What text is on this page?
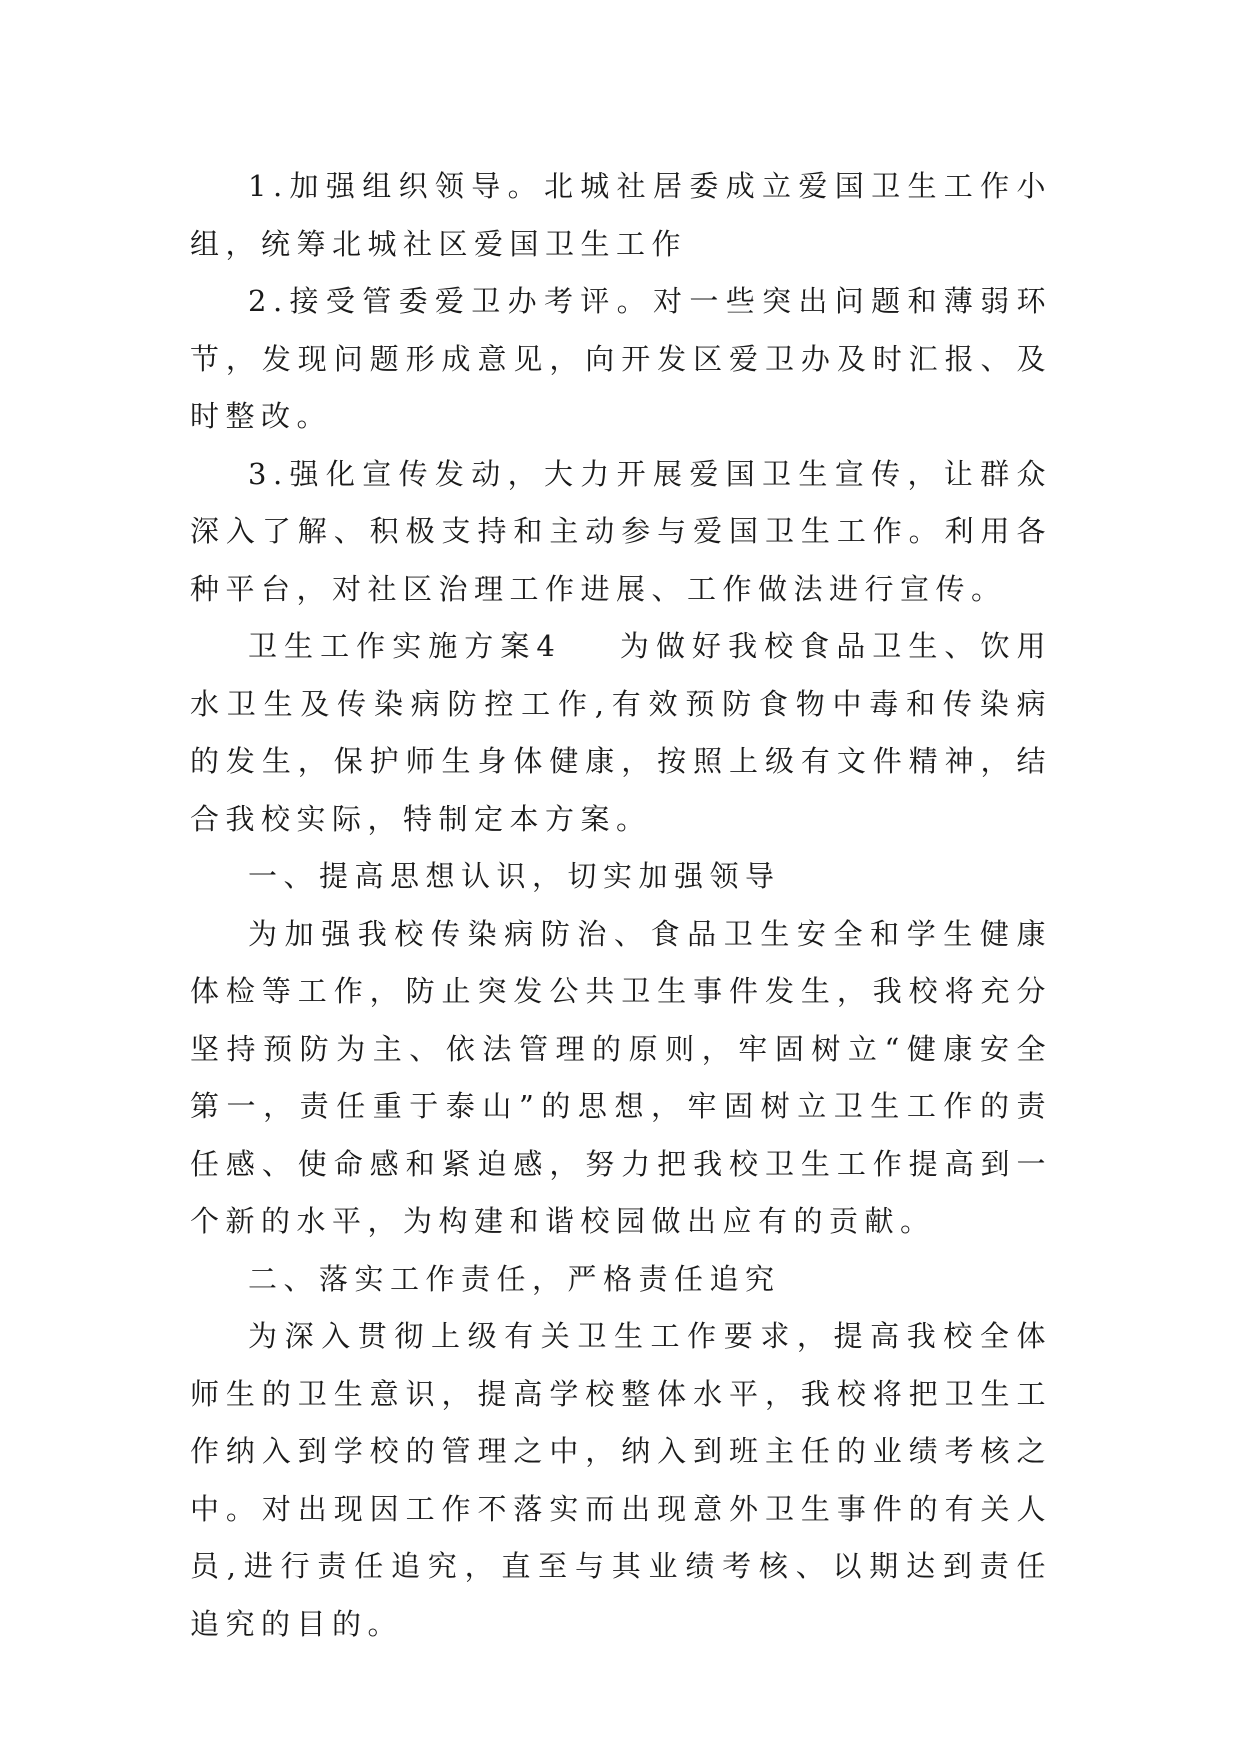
1.加强组织领导。北城社居委成立爱国卫生工作小组，统筹北城社区爱国卫生工作

2.接受管委爱卫办考评。对一些突出问题和薄弱环节，发现问题形成意见，向开发区爱卫办及时汇报、及时整改。

3.强化宣传发动，大力开展爱国卫生宣传，让群众深入了解、积极支持和主动参与爱国卫生工作。利用各种平台，对社区治理工作进展、工作做法进行宣传。

卫生工作实施方案4 为做好我校食品卫生、饮用水卫生及传染病防控工作,有效预防食物中毒和传染病的发生，保护师生身体健康，按照上级有文件精神，结合我校实际，特制定本方案。

一、提高思想认识，切实加强领导

为加强我校传染病防治、食品卫生安全和学生健康体检等工作，防止突发公共卫生事件发生，我校将充分坚持预防为主、依法管理的原则，牢固树立“健康安全第一，责任重于泰山”的思想，牢固树立卫生工作的责任感、使命感和紧迫感，努力把我校卫生工作提高到一个新的水平，为构建和谐校园做出应有的贡献。

二、落实工作责任，严格责任追究

为深入贯彻上级有关卫生工作要求，提高我校全体师生的卫生意识，提高学校整体水平，我校将把卫生工作纳入到学校的管理之中，纳入到班主任的业绩考核之中。对出现因工作不落实而出现意外卫生事件的有关人员,进行责任追究，直至与其业绩考核、以期达到责任追究的目的。
